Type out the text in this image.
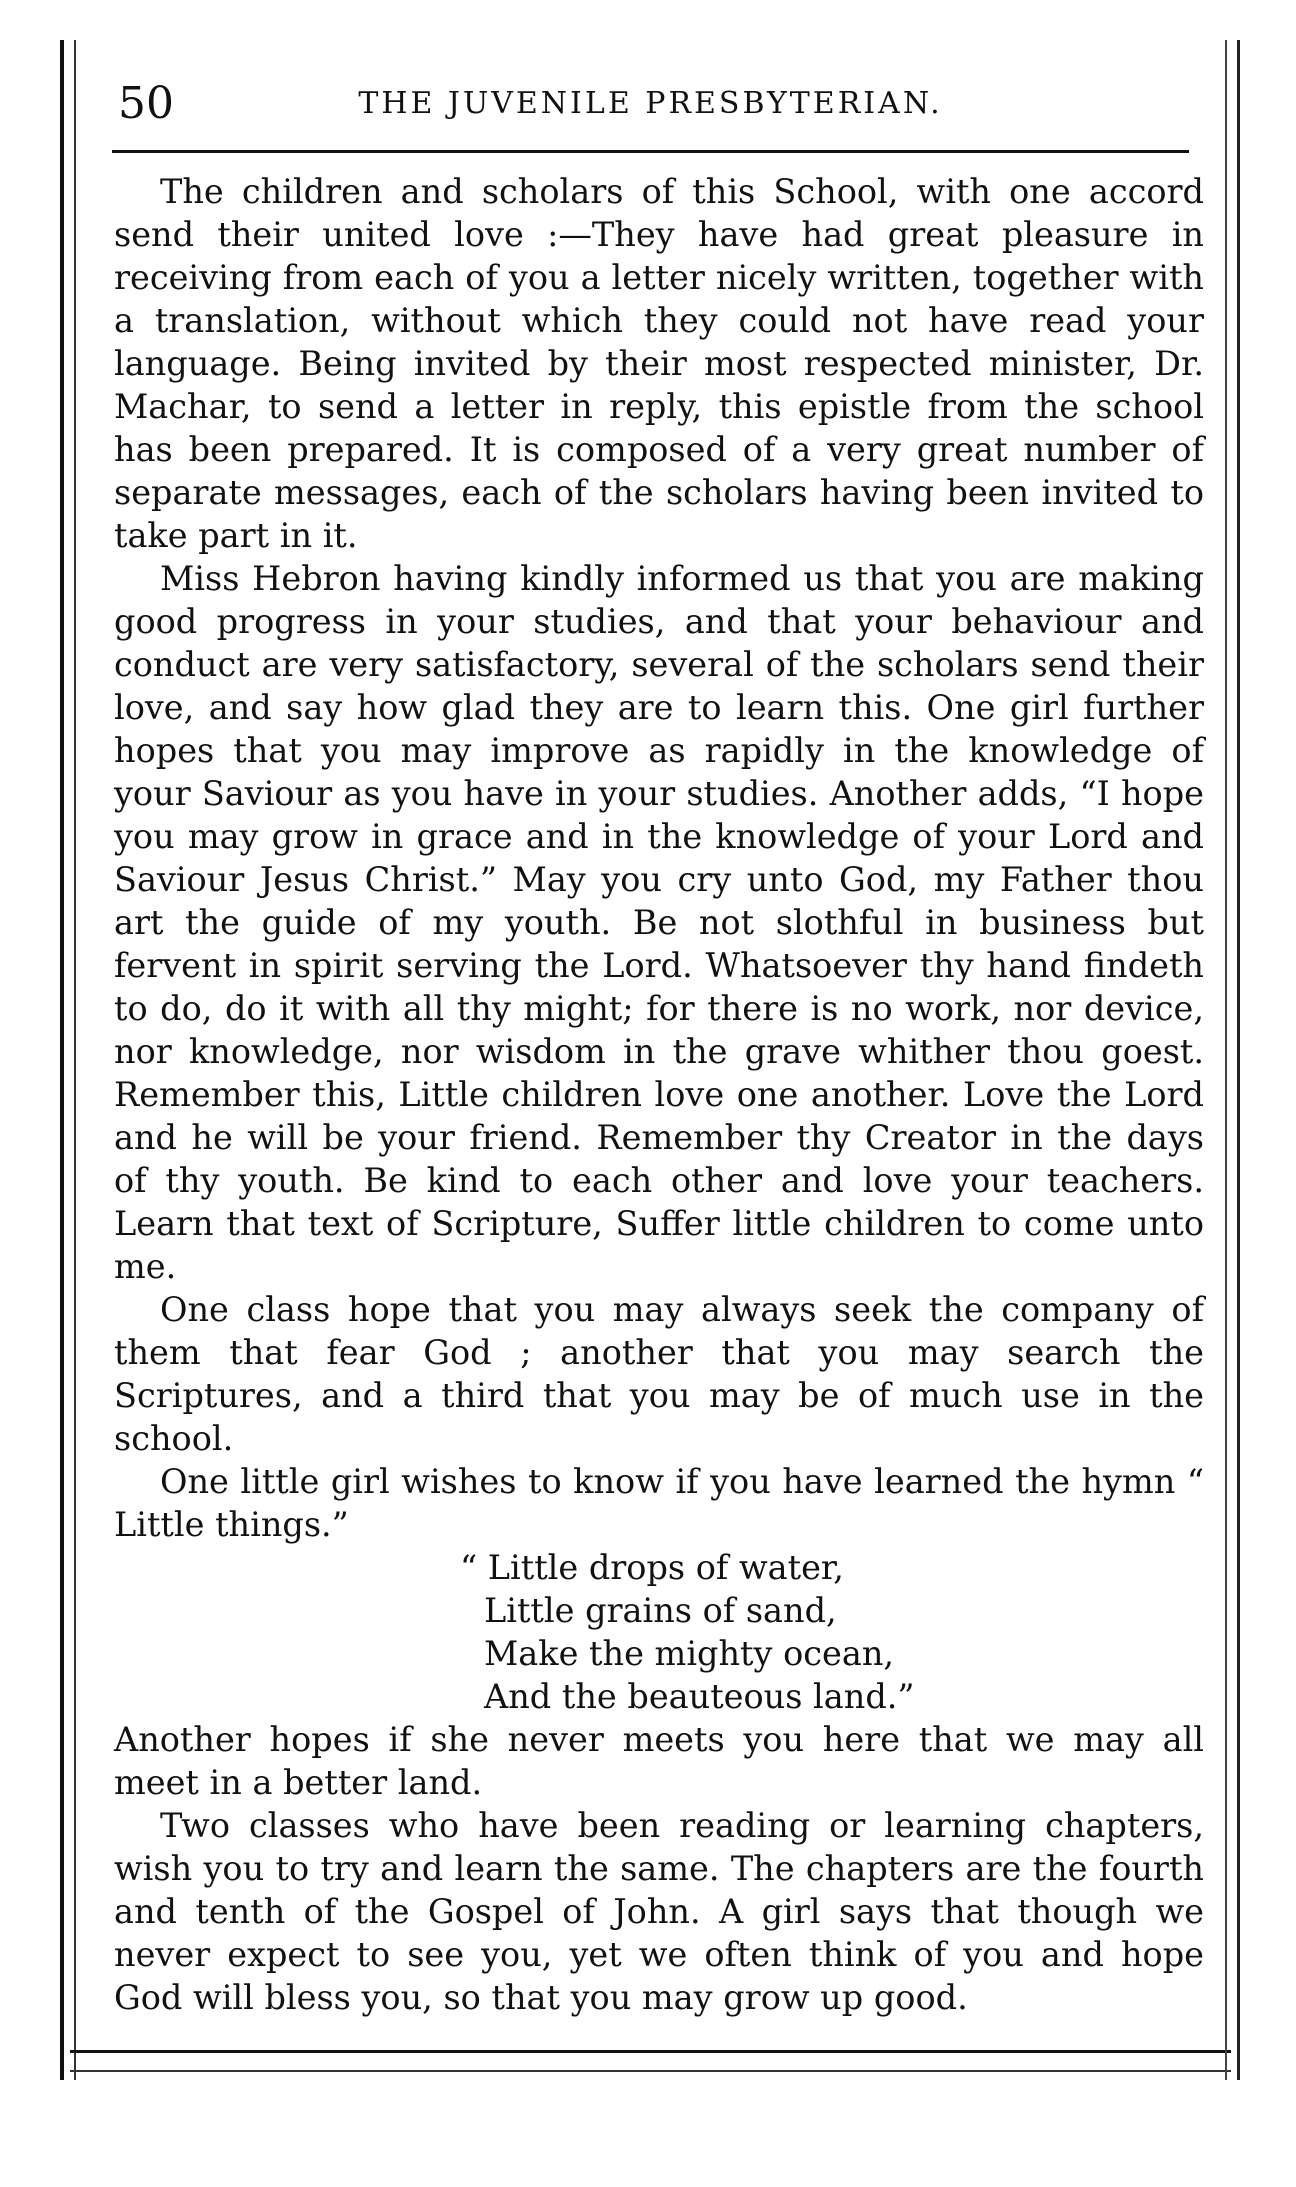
50	THE JUVENILE PRESBYTERIAN.

The children and scholars of this School, with one accord send their united love :—They have had great pleasure in receiving from each of you a letter nicely written, together with a translation, without which they could not have read your language. Being invited by their most respected minister, Dr. Machar, to send a letter in reply, this epistle from the school has been prepared. It is composed of a very great number of separate messages, each of the scholars having been invited to take part in it.

Miss Hebron having kindly informed us that you are making good progress in your studies, and that your behaviour and conduct are very satisfactory, several of the scholars send their love, and say how glad they are to learn this. One girl further hopes that you may improve as rapidly in the knowledge of your Saviour as you have in your studies. Another adds, “I hope you may grow in grace and in the knowledge of your Lord and Saviour Jesus Christ.” May you cry unto God, my Father thou art the guide of my youth. Be not slothful in business but fervent in spirit serving the Lord. Whatsoever thy hand findeth to do, do it with all thy might; for there is no work, nor device, nor knowledge, nor wisdom in the grave whither thou goest. Remember this, Little children love one another. Love the Lord and he will be your friend. Remember thy Creator in the days of thy youth. Be kind to each other and love your teachers. Learn that text of Scripture, Suffer little children to come unto me.

One class hope that you may always seek the company of them that fear God ; another that you may search the Scriptures, and a third that you may be of much use in the school.

One little girl wishes to know if you have learned the hymn “ Little things.”

“ Little drops of water,
Little grains of sand,
Make the mighty ocean,
And the beauteous land.”

Another hopes if she never meets you here that we may all meet in a better land.

Two classes who have been reading or learning chapters, wish you to try and learn the same. The chapters are the fourth and tenth of the Gospel of John. A girl says that though we never expect to see you, yet we often think of you and hope God will bless you, so that you may grow up good.
